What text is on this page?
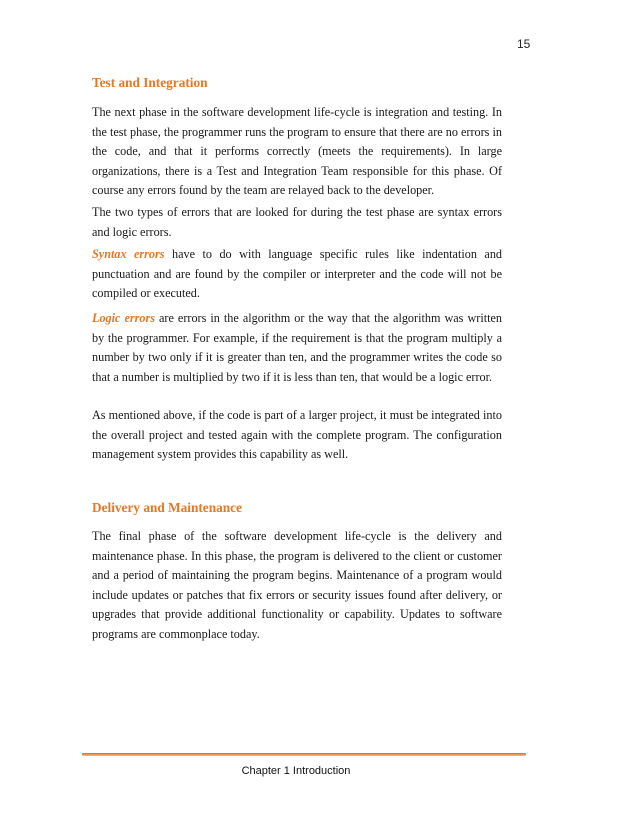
15
Test and Integration

The next phase in the software development life-cycle is integration and testing. In the test phase, the programmer runs the program to ensure that there are no errors in the code, and that it performs correctly (meets the requirements). In large organizations, there is a Test and Integration Team responsible for this phase. Of course any errors found by the team are relayed back to the developer.

The two types of errors that are looked for during the test phase are syntax errors and logic errors.

Syntax errors have to do with language specific rules like indentation and punctuation and are found by the compiler or interpreter and the code will not be compiled or executed.

Logic errors are errors in the algorithm or the way that the algorithm was written by the programmer. For example, if the requirement is that the program multiply a number by two only if it is greater than ten, and the programmer writes the code so that a number is multiplied by two if it is less than ten, that would be a logic error.

As mentioned above, if the code is part of a larger project, it must be integrated into the overall project and tested again with the complete program. The configuration management system provides this capability as well.

Delivery and Maintenance

The final phase of the software development life-cycle is the delivery and maintenance phase. In this phase, the program is delivered to the client or customer and a period of maintaining the program begins. Maintenance of a program would include updates or patches that fix errors or security issues found after delivery, or upgrades that provide additional functionality or capability. Updates to software programs are commonplace today.

Chapter 1 Introduction
